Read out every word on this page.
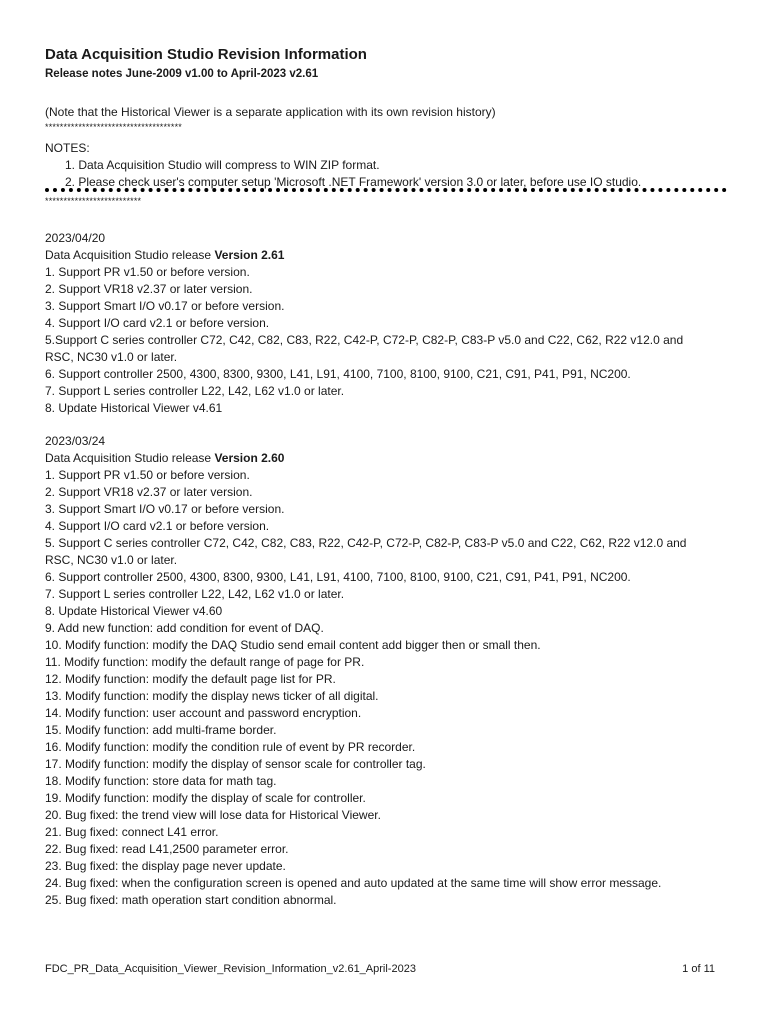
Data Acquisition Studio Revision Information
Release notes June-2009 v1.00 to April-2023 v2.61
(Note that the Historical Viewer is a separate application with its own revision history)
*************************************
NOTES:
1. Data Acquisition Studio will compress to WIN ZIP format.
2. Please check user's computer setup 'Microsoft .NET Framework' version 3.0 or later, before use IO studio.
**************************
2023/04/20
Data Acquisition Studio release Version 2.61
1. Support PR v1.50 or before version.
2. Support VR18 v2.37 or later version.
3. Support Smart I/O v0.17 or before version.
4. Support I/O card v2.1 or before version.
5.Support C series controller C72, C42, C82, C83, R22, C42-P, C72-P, C82-P, C83-P v5.0 and C22, C62, R22 v12.0 and
RSC, NC30 v1.0 or later.
6. Support controller 2500, 4300, 8300, 9300, L41, L91, 4100, 7100, 8100, 9100, C21, C91, P41, P91, NC200.
7. Support L series controller L22, L42, L62 v1.0 or later.
8. Update Historical Viewer v4.61
2023/03/24
Data Acquisition Studio release Version 2.60
1. Support PR v1.50 or before version.
2. Support VR18 v2.37 or later version.
3. Support Smart I/O v0.17 or before version.
4. Support I/O card v2.1 or before version.
5. Support C series controller C72, C42, C82, C83, R22, C42-P, C72-P, C82-P, C83-P v5.0 and C22, C62, R22 v12.0 and
RSC, NC30 v1.0 or later.
6. Support controller 2500, 4300, 8300, 9300, L41, L91, 4100, 7100, 8100, 9100, C21, C91, P41, P91, NC200.
7. Support L series controller L22, L42, L62 v1.0 or later.
8. Update Historical Viewer v4.60
9. Add new function: add condition for event of DAQ.
10. Modify function: modify the DAQ Studio send email content add bigger then or small then.
11. Modify function: modify the default range of page for PR.
12. Modify function: modify the default page list for PR.
13. Modify function: modify the display news ticker of all digital.
14. Modify function: user account and password encryption.
15. Modify function: add multi-frame border.
16. Modify function: modify the condition rule of event by PR recorder.
17. Modify function: modify the display of sensor scale for controller tag.
18. Modify function: store data for math tag.
19. Modify function: modify the display of scale for controller.
20. Bug fixed: the trend view will lose data for Historical Viewer.
21. Bug fixed: connect L41 error.
22. Bug fixed: read L41,2500 parameter error.
23. Bug fixed: the display page never update.
24. Bug fixed: when the configuration screen is opened and auto updated at the same time will show error message.
25. Bug fixed: math operation start condition abnormal.
FDC_PR_Data_Acquisition_Viewer_Revision_Information_v2.61_April-2023	1 of 11
